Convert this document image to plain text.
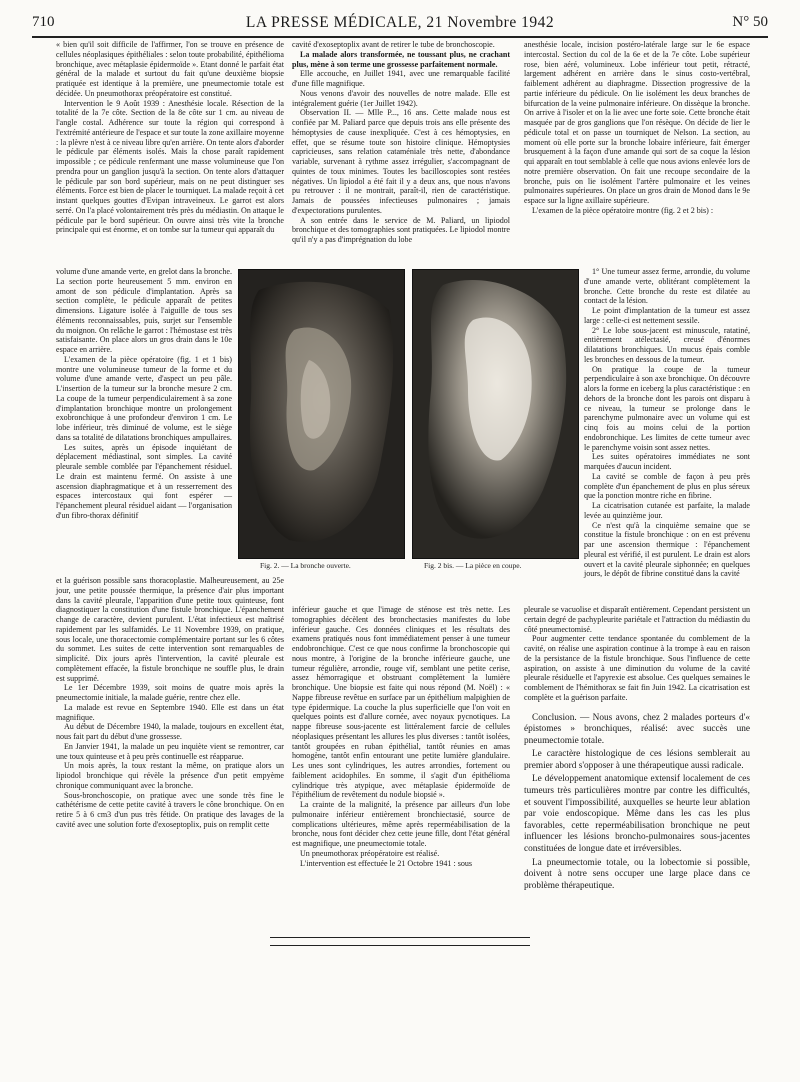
710	LA PRESSE MÉDICALE, 21 Novembre 1942	N° 50

« bien qu'il soit difficile de l'affirmer, l'on se trouve en présence de cellules néoplasiques épithéliales : selon toute probabilité, épithélioma bronchique, avec métaplasie épidermoïde ». Etant donné le parfait état général de la malade et surtout du fait qu'une deuxième biopsie pratiquée est identique à la première, une pneumectomie totale est décidée. Un pneumothorax préopératoire est constitué.

Intervention le 9 Août 1939 : Anesthésie locale. Résection de la totalité de la 7e côte. Section de la 8e côte sur 1 cm. au niveau de l'angle costal. Adhérence sur toute la région qui correspond à l'extrémité antérieure de l'espace et sur toute la zone axillaire moyenne : la plèvre n'est à ce niveau libre qu'en arrière. On tente alors d'aborder le pédicule par éléments isolés. Mais la chose paraît rapidement impossible ; ce pédicule renfermant une masse volumineuse que l'on prendra pour un ganglion jusqu'à la section. On tente alors d'attaquer le pédicule par son bord supérieur, mais on ne peut distinguer ses éléments. Force est bien de placer le tourniquet. La malade reçoit à cet instant quelques gouttes d'Evipan intraveineux. Le garrot est alors serré. On l'a placé volontairement très près du médiastin. On attaque le pédicule par le bord supérieur. On ouvre ainsi très vite la bronche principale qui est énorme, et on tombe sur la tumeur qui apparaît du

volume d'une amande verte, en grelot dans la bronche. La section porte heureusement 5 mm. environ en amont de son pédicule d'implantation. Après sa section complète, le pédicule apparaît de petites dimensions. Ligature isolée à l'aiguille de tous ses éléments reconnaissables, puis, surjet sur l'ensemble du moignon. On relâche le garrot : l'hémostase est très satisfaisante. On place alors un gros drain dans le 10e espace en arrière.

L'examen de la pièce opératoire (fig. 1 et 1 bis) montre une volumineuse tumeur de la forme et du volume d'une amande verte, d'aspect un peu pâle. L'insertion de la tumeur sur la bronche mesure 2 cm. La coupe de la tumeur perpendiculairement à sa zone d'implantation bronchique montre un prolongement exobronchique à une profondeur d'environ 1 cm. Le lobe inférieur, très diminué de volume, est le siège dans sa totalité de dilatations bronchiques ampullaires.

Les suites, après un épisode inquiétant de déplacement médiastinal, sont simples. La cavité pleurale semble comblée par l'épanchement résiduel. Le drain est maintenu fermé. On assiste à une ascension diaphragmatique et à un resserrement des espaces intercostaux qui font espérer — l'épanchement pleural résiduel aidant — l'organisation d'un fibro-thorax définitif

et la guérison possible sans thoracoplastie. Malheureusement, au 25e jour, une petite poussée thermique, la présence d'air plus important dans la cavité pleurale, l'apparition d'une petite toux quinteuse, font diagnostiquer la constitution d'une fistule bronchique. L'épanchement change de caractère, devient purulent. L'état infectieux est maîtrisé rapidement par les sulfamidés. Le 11 Novembre 1939, on pratique, sous locale, une thoracectomie complémentaire portant sur les 6 côtes du sommet. Les suites de cette intervention sont remarquables de simplicité. Dix jours après l'intervention, la cavité pleurale est complètement effacée, la fistule bronchique ne souffle plus, le drain est supprimé.

Le 1er Décembre 1939, soit moins de quatre mois après la pneumectomie initiale, la malade guérie, rentre chez elle.

La malade est revue en Septembre 1940. Elle est dans un état magnifique.

Au début de Décembre 1940, la malade, toujours en excellent état, nous fait part du début d'une grossesse.

En Janvier 1941, la malade un peu inquiète vient se remontrer, car une toux quinteuse et à peu près continuelle est réapparue.

Un mois après, la toux restant la même, on pratique alors un lipiodol bronchique qui révèle la présence d'un petit empyème chronique communiquant avec la bronche.

Sous-bronchoscopie, on pratique avec une sonde très fine le cathétérisme de cette petite cavité à travers le cône bronchique. On en retire 5 à 6 cm3 d'un pus très fétide. On pratique des lavages de la cavité avec une solution forte d'exoseptoplix, puis on remplit cette

cavité d'exoseptoplix avant de retirer le tube de bronchoscopie.

La malade alors transformée, ne toussant plus, ne crachant plus, mène à son terme une grossesse parfaitement normale.

Elle accouche, en Juillet 1941, avec une remarquable facilité d'une fille magnifique.

Nous venons d'avoir des nouvelles de notre malade. Elle est intégralement guérie (1er Juillet 1942).

Observation II. — Mlle P..., 16 ans. Cette malade nous est confiée par M. Paliard parce que depuis trois ans elle présente des hémoptysies de cause inexpliquée. C'est à ces hémoptysies, en effet, que se résume toute son histoire clinique. Hémoptysies capricieuses, sans relation cataméniale très nette, d'abondance variable, survenant à rythme assez irrégulier, s'accompagnant de quintes de toux minimes. Toutes les bacilloscopies sont restées négatives. Un lipiodol a été fait il y a deux ans, que nous n'avons pu retrouver : il ne montrait, paraît-il, rien de caractéristique. Jamais de poussées infectieuses pulmonaires ; jamais d'expectorations purulentes.

A son entrée dans le service de M. Paliard, un lipiodol bronchique et des tomographies sont pratiquées. Le lipiodol montre qu'il n'y a pas d'imprégnation du lobe

inférieur gauche et que l'image de sténose est très nette. Les tomographies décèlent des bronchectasies manifestes du lobe inférieur gauche. Ces données cliniques et les résultats des examens pratiqués nous font immédiatement penser à une tumeur endobronchique. C'est ce que nous confirme la bronchoscopie qui nous montre, à l'origine de la bronche inférieure gauche, une tumeur régulière, arrondie, rouge vif, semblant une petite cerise, assez hémorragique et obstruant complètement la lumière bronchique. Une biopsie est faite qui nous répond (M. Noël) : « Nappe fibreuse revêtue en surface par un épithélium malpighien de type épidermique. La couche la plus superficielle que l'on voit en quelques points est d'allure cornée, avec noyaux pycnotiques. La nappe fibreuse sous-jacente est littéralement farcie de cellules néoplasiques présentant les allures les plus diverses : tantôt isolées, tantôt groupées en ruban épithélial, tantôt réunies en amas homogène, tantôt enfin entourant une petite lumière glandulaire. Les unes sont cylindriques, les autres arrondies, fortement ou faiblement acidophiles. En somme, il s'agit d'un épithélioma cylindrique très atypique, avec métaplasie épidermoïde de l'épithélium de revêtement du nodule biopsié ».

La crainte de la malignité, la présence par ailleurs d'un lobe pulmonaire inférieur entièrement bronchiectasié, source de complications ultérieures, même après reperméabilisation de la bronche, nous font décider chez cette jeune fille, dont l'état général est magnifique, une pneumectomie totale.

Un pneumothorax préopératoire est réalisé.

L'intervention est effectuée le 21 Octobre 1941 : sous

anesthésie locale, incision postéro-latérale large sur le 6e espace intercostal. Section du col de la 6e et de la 7e côte. Lobe supérieur rose, bien aéré, volumineux. Lobe inférieur tout petit, rétracté, largement adhérent en arrière dans le sinus costo-vertébral, faiblement adhérent au diaphragme. Dissection progressive de la partie inférieure du pédicule. On lie isolément les deux branches de bifurcation de la veine pulmonaire inférieure. On dissèque la bronche. On arrive à l'isoler et on la lie avec une forte soie. Cette bronche était masquée par de gros ganglions que l'on résèque. On décide de lier le pédicule total et on passe un tourniquet de Nelson. La section, au moment où elle porte sur la bronche lobaire inférieure, fait émerger brusquement à la façon d'une amande qui sort de sa coque la lésion qui apparaît en tout semblable à celle que nous avions enlevée lors de notre première observation. On fait une recoupe secondaire de la bronche, puis on lie isolément l'artère pulmonaire et les veines pulmonaires supérieures. On place un gros drain de Monod dans le 9e espace sur la ligne axillaire supérieure.

L'examen de la pièce opératoire montre (fig. 2 et 2 bis) :

1° Une tumeur assez ferme, arrondie, du volume d'une amande verte, oblitérant complètement la bronche. Cette bronche du reste est dilatée au contact de la lésion.

Le point d'implantation de la tumeur est assez large : celle-ci est nettement sessile.

2° Le lobe sous-jacent est minuscule, ratatiné, entièrement atélectasié, creusé d'énormes dilatations bronchiques. Un mucus épais comble les bronches en dessous de la tumeur.

On pratique la coupe de la tumeur perpendiculaire à son axe bronchique. On découvre alors la forme en iceberg la plus caractéristique : en dehors de la bronche dont les parois ont disparu à ce niveau, la tumeur se prolonge dans le parenchyme pulmonaire avec un volume qui est cinq fois au moins celui de la portion endobronchique. Les limites de cette tumeur avec le parenchyme voisin sont assez nettes.

Les suites opératoires immédiates ne sont marquées d'aucun incident.

La cavité se comble de façon à peu près complète d'un épanchement de plus en plus séreux que la ponction montre riche en fibrine.

La cicatrisation cutanée est parfaite, la malade levée au quinzième jour.

Ce n'est qu'à la cinquième semaine que se constitue la fistule bronchique : on en est prévenu par une ascension thermique : l'épanchement pleural est vérifié, il est purulent. Le drain est alors ouvert et la cavité pleurale siphonnée; en quelques jours, le dépôt de fibrine constitué dans la cavité

pleurale se vacuolise et disparaît entièrement. Cependant persistent un certain degré de pachypleurite pariétale et l'attraction du médiastin du côté pneumectomisé.

Pour augmenter cette tendance spontanée du comblement de la cavité, on réalise une aspiration continue à la trompe à eau en raison de la persistance de la fistule bronchique. Sous l'influence de cette aspiration, on assiste à une diminution du volume de la cavité pleurale résiduelle et l'apyrexie est absolue. Ces quelques semaines le comblement de l'hémithorax se fait fin Juin 1942. La cicatrisation est complète et la guérison parfaite.

Conclusion. — Nous avons, chez 2 malades porteurs d'« épistomes » bronchiques, réalisé: avec succès une pneumectomie totale.

Le caractère histologique de ces lésions semblerait au premier abord s'opposer à une thérapeutique aussi radicale.

Le développement anatomique extensif localement de ces tumeurs très particulières montre par contre les difficultés, et souvent l'impossibilité, auxquelles se heurte leur ablation par voie endoscopique. Même dans les cas les plus favorables, cette reperméabilisation bronchique ne peut influencer les lésions broncho-pulmonaires sous-jacentes constituées de longue date et irréversibles.

La pneumectomie totale, ou la lobectomie si possible, doivent à notre sens occuper une large place dans ce problème thérapeutique.

Fig. 2. — La bronche ouverte.	Fig. 2 bis. — La pièce en coupe.
